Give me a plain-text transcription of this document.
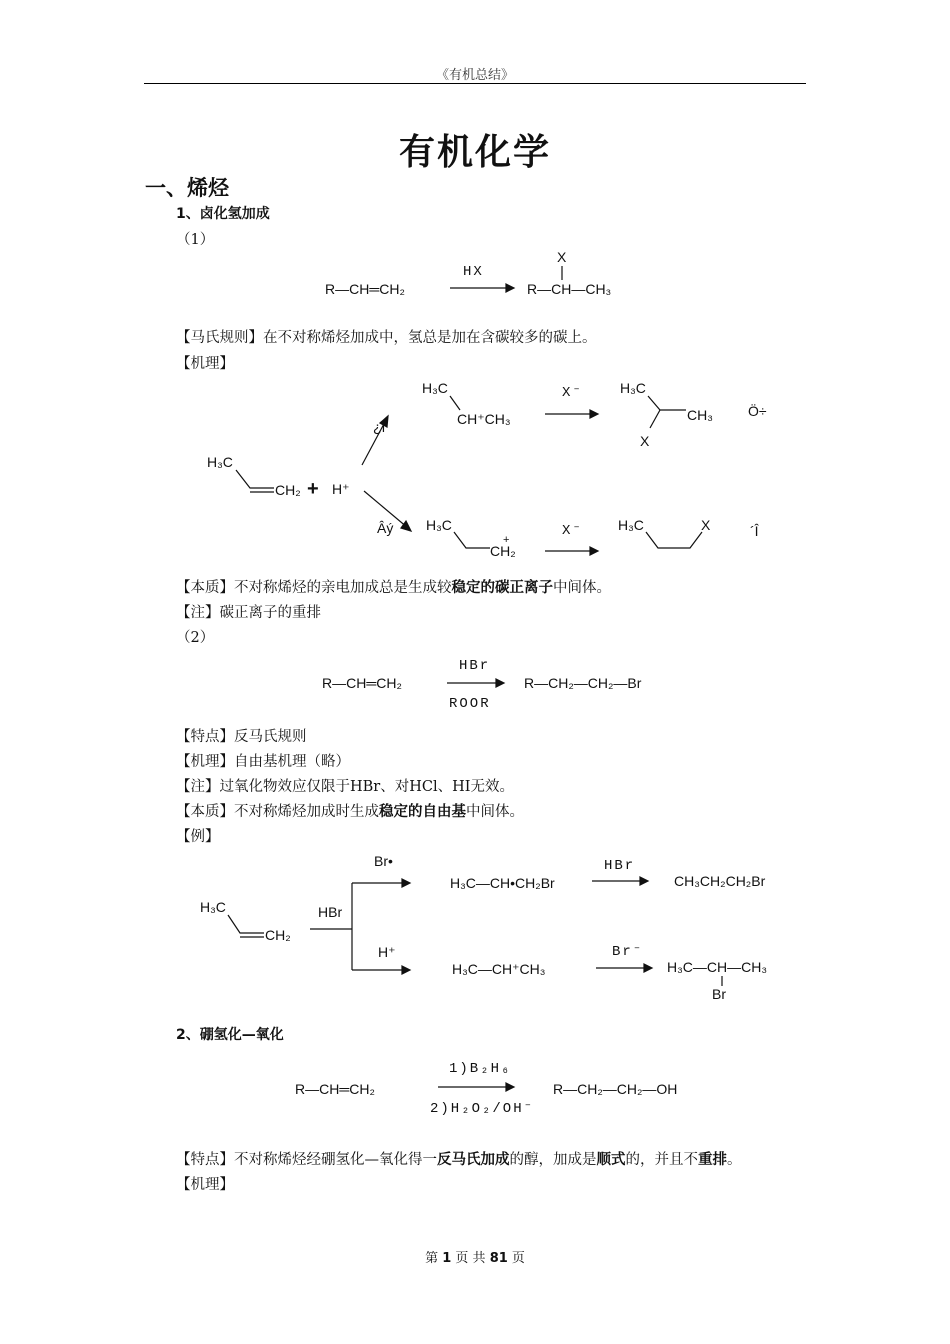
《有机总结》
有机化学
一、烯烃
1、卤化氢加成
（1）
R—CH═CH₂
HX
X
R—CH—CH₃
【马氏规则】在不对称烯烃加成中，氢总是加在含碳较多的碳上。
【机理】
H₃C
CH₂ + H⁺
¿ì
Âý
H₃C
CH⁺CH₃
X⁻	H₃C
CH₃
X
Ö÷
H₃C
CH₂
+
X⁻	H₃C	X	´Î
【本质】不对称烯烃的亲电加成总是生成较稳定的碳正离子中间体。
【注】碳正离子的重排
（2）
R—CH═CH₂
HBr
ROOR
R—CH₂—CH₂—Br
【特点】反马氏规则
【机理】自由基机理（略）
【注】过氧化物效应仅限于HBr、对HCl、HI无效。
【本质】不对称烯烃加成时生成稳定的自由基中间体。
【例】
H₃C
CH₂
HBr
Br•
H⁺
H₃C—CH•CH₂Br
HBr
CH₃CH₂CH₂Br
H₃C—CH⁺CH₃
Br⁻
H₃C—CH—CH₃
Br
2、硼氢化—氧化
R—CH═CH₂
1)B₂H₆
2)H₂O₂/OH⁻
R—CH₂—CH₂—OH
【特点】不对称烯烃经硼氢化—氧化得一反马氏加成的醇，加成是顺式的，并且不重排。
【机理】
第 1 页 共 81 页
